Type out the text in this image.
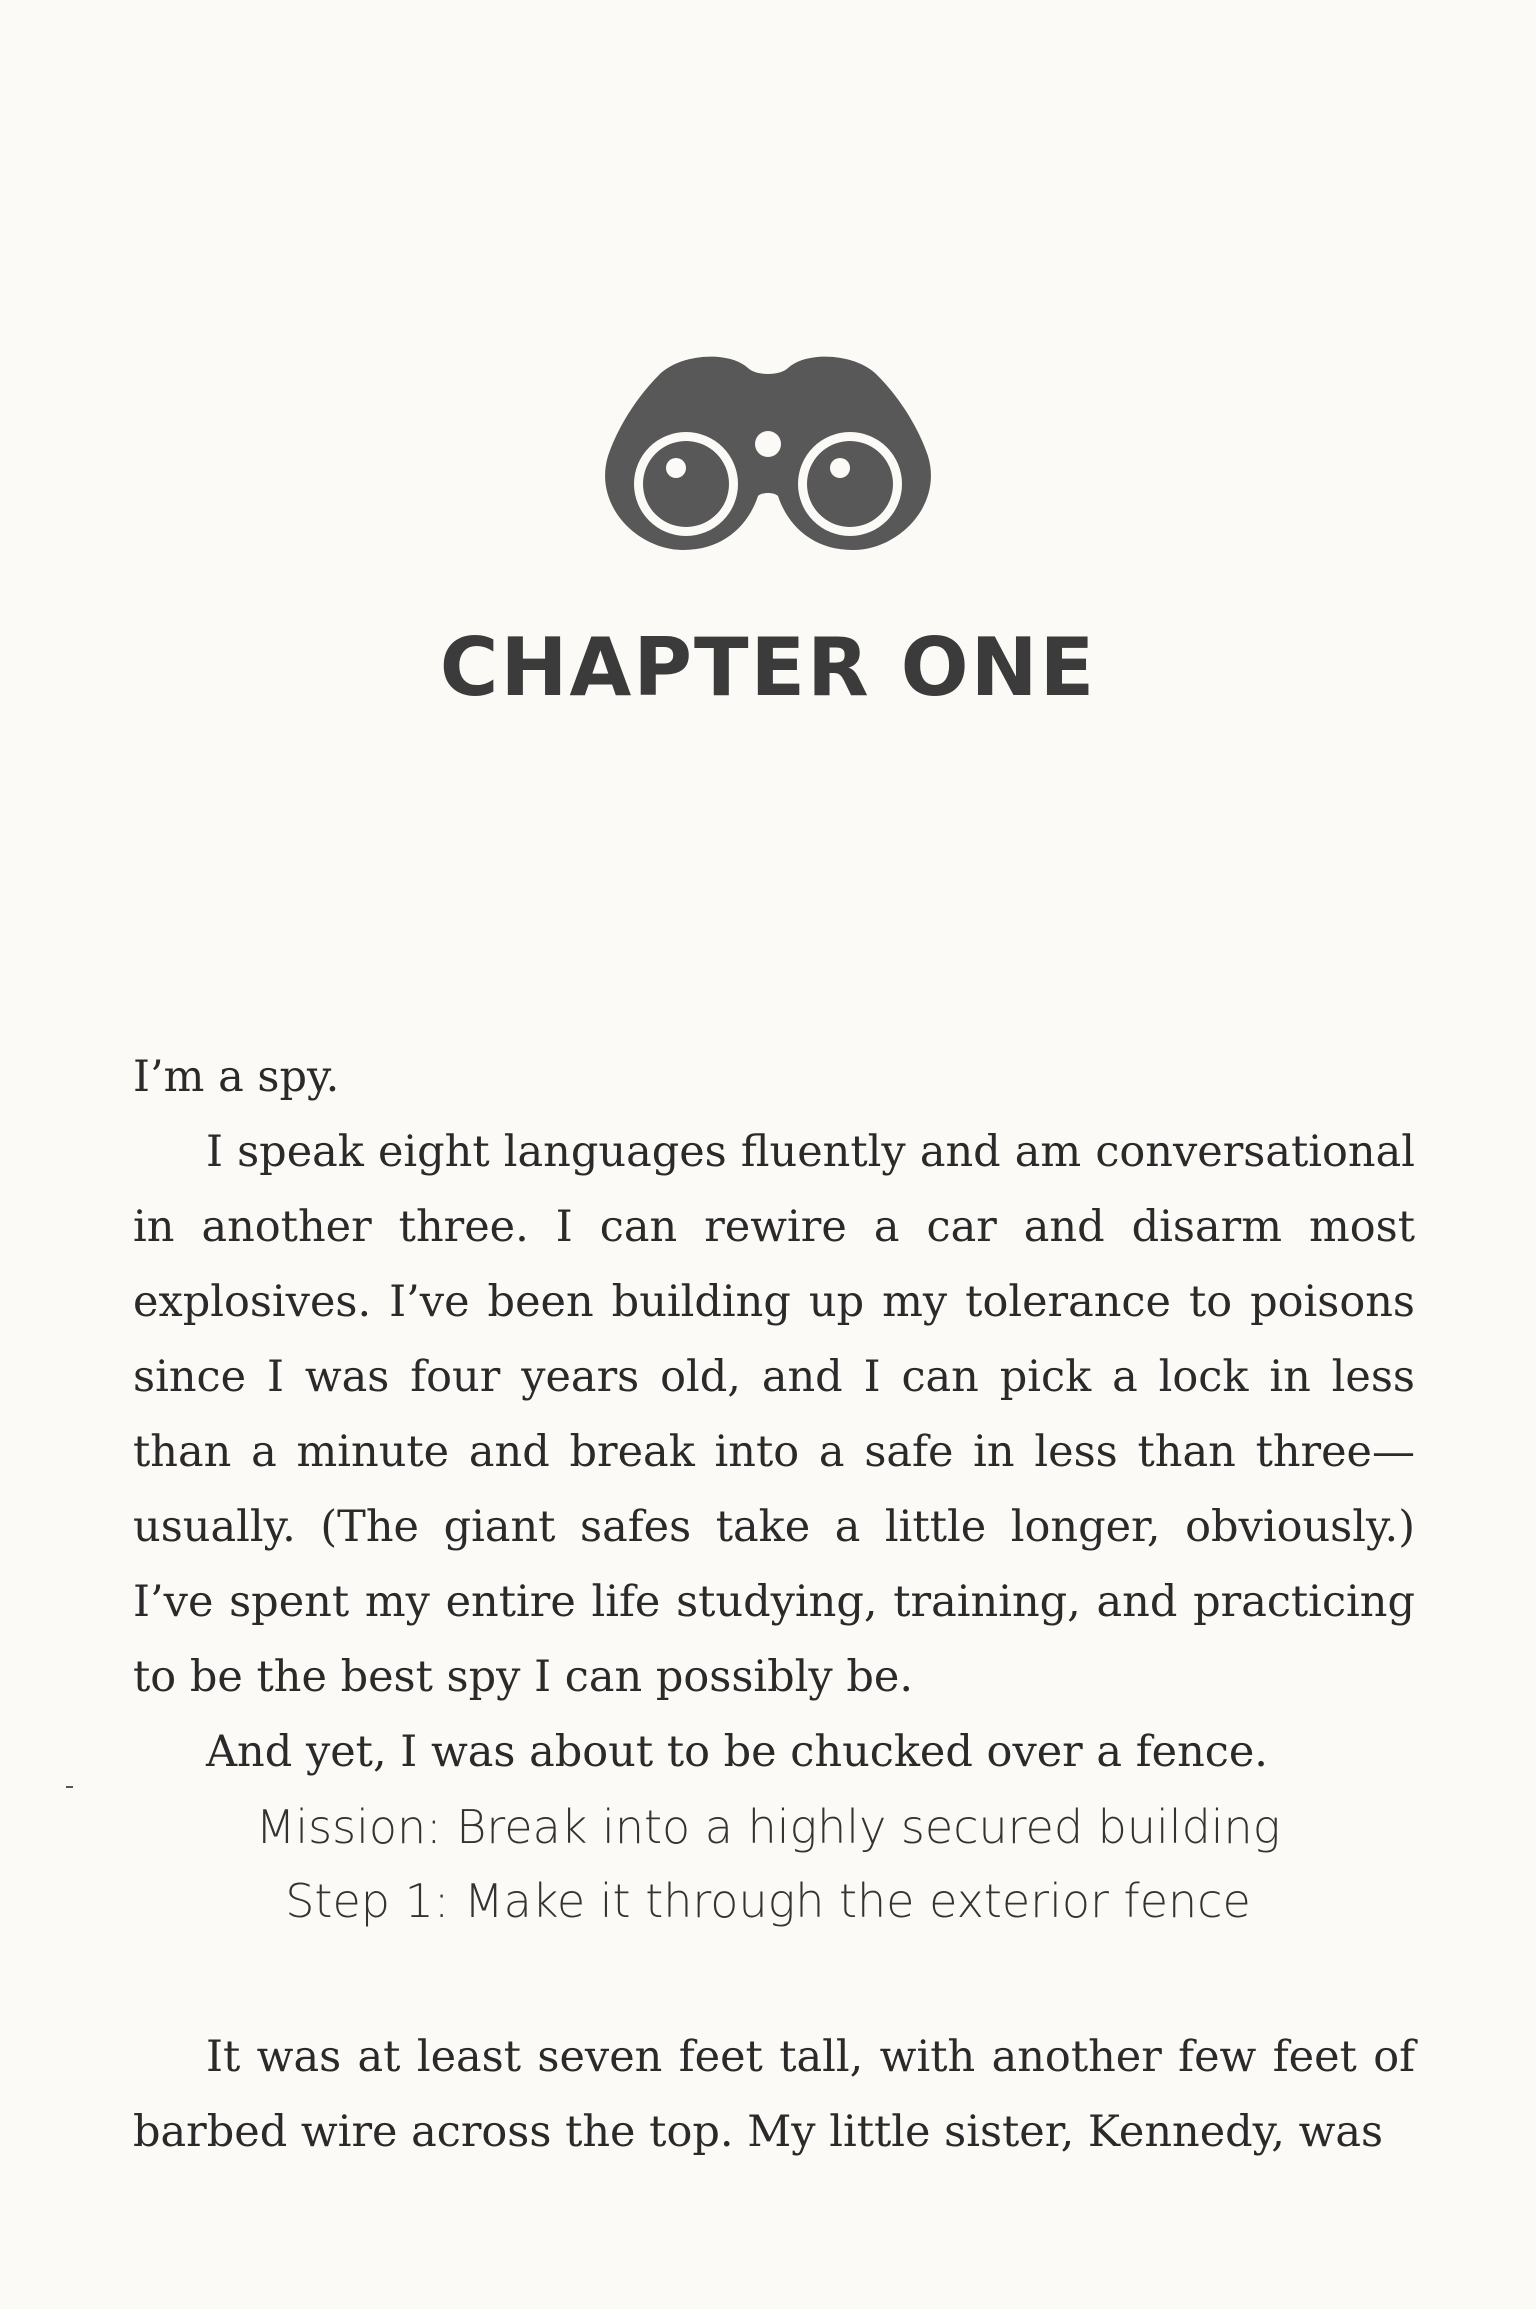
CHAPTER ONE

I’m a spy.

I speak eight languages fluently and am conversational in another three. I can rewire a car and disarm most explosives. I’ve been building up my tolerance to poisons since I was four years old, and I can pick a lock in less than a minute and break into a safe in less than three—usually. (The giant safes take a little longer, obviously.) I’ve spent my entire life studying, training, and practicing to be the best spy I can possibly be.

And yet, I was about to be chucked over a fence.

Mission: Break into a highly secured building
Step 1: Make it through the exterior fence

It was at least seven feet tall, with another few feet of barbed wire across the top. My little sister, Kennedy, was
